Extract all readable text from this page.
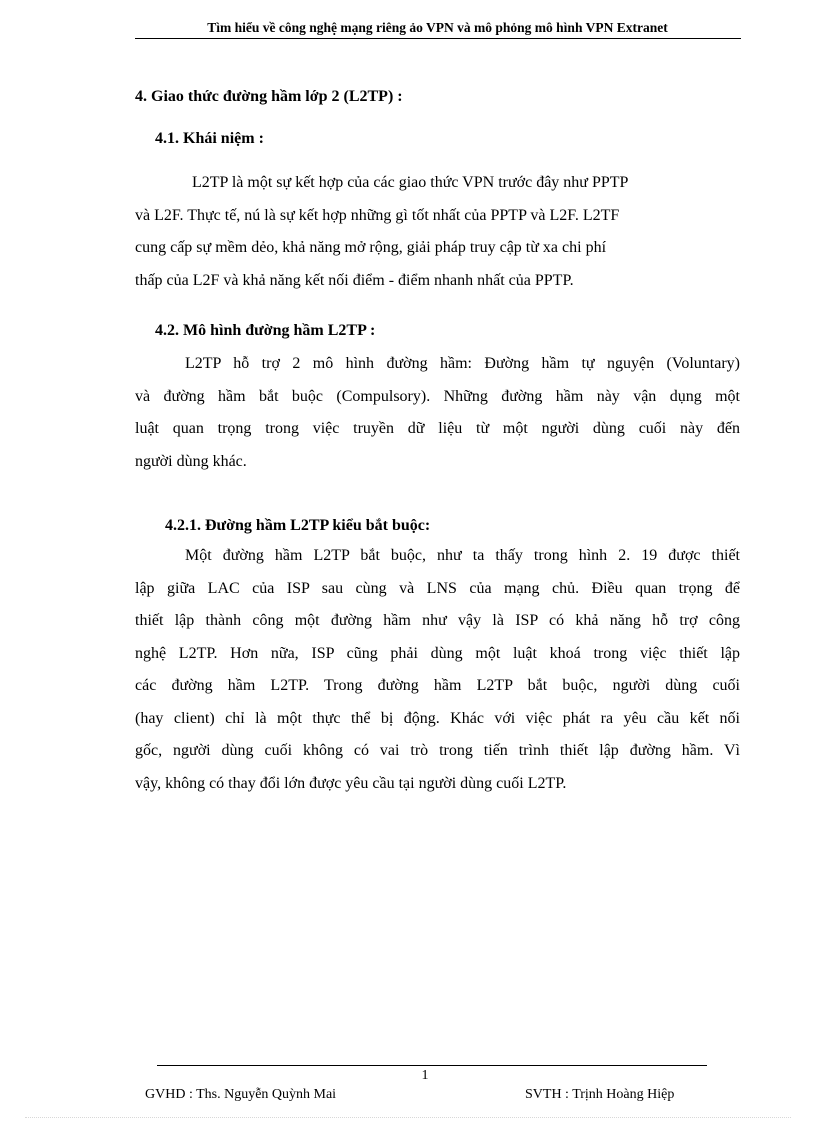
Tìm hiểu về công nghệ mạng riêng ảo VPN và mô phỏng mô hình VPN Extranet
4. Giao thức đường hầm lớp 2 (L2TP) :
4.1. Khái niệm :
L2TP là một sự kết hợp của các giao thức VPN trước đây như PPTP
và L2F. Thực tế, nú là sự kết hợp những gì tốt nhất của PPTP và L2F. L2TF
cung cấp sự mềm dẻo, khả năng mở rộng, giải pháp truy cập từ xa chi phí
thấp của L2F và khả năng kết nối điểm - điểm nhanh nhất của PPTP.
4.2. Mô hình đường hầm L2TP :
L2TP hỗ trợ 2 mô hình đường hầm: Đường hầm tự nguyện (Voluntary)
và đường hầm bắt buộc (Compulsory). Những đường hầm này vận dụng một
luật quan trọng trong việc truyền dữ liệu từ một người dùng cuối này đến
người dùng khác.
4.2.1. Đường hầm L2TP kiểu bắt buộc:
Một đường hầm L2TP bắt buộc, như ta thấy trong hình 2. 19 được thiết
lập giữa LAC của ISP sau cùng và LNS của mạng chủ. Điều quan trọng để
thiết lập thành công một đường hầm như vậy là ISP có khả năng hỗ trợ công
nghệ L2TP. Hơn nữa, ISP cũng phải dùng một luật khoá trong việc thiết lập
các đường hầm L2TP. Trong đường hầm L2TP bắt buộc, người dùng cuối
(hay client) chỉ là một thực thể bị động. Khác với việc phát ra yêu cầu kết nối
gốc, người dùng cuối không có vai trò trong tiến trình thiết lập đường hầm. Vì
vậy, không có thay đổi lớn được yêu cầu tại người dùng cuối L2TP.
1
GVHD : Ths. Nguyễn Quỳnh Mai	SVTH : Trịnh Hoàng Hiệp
